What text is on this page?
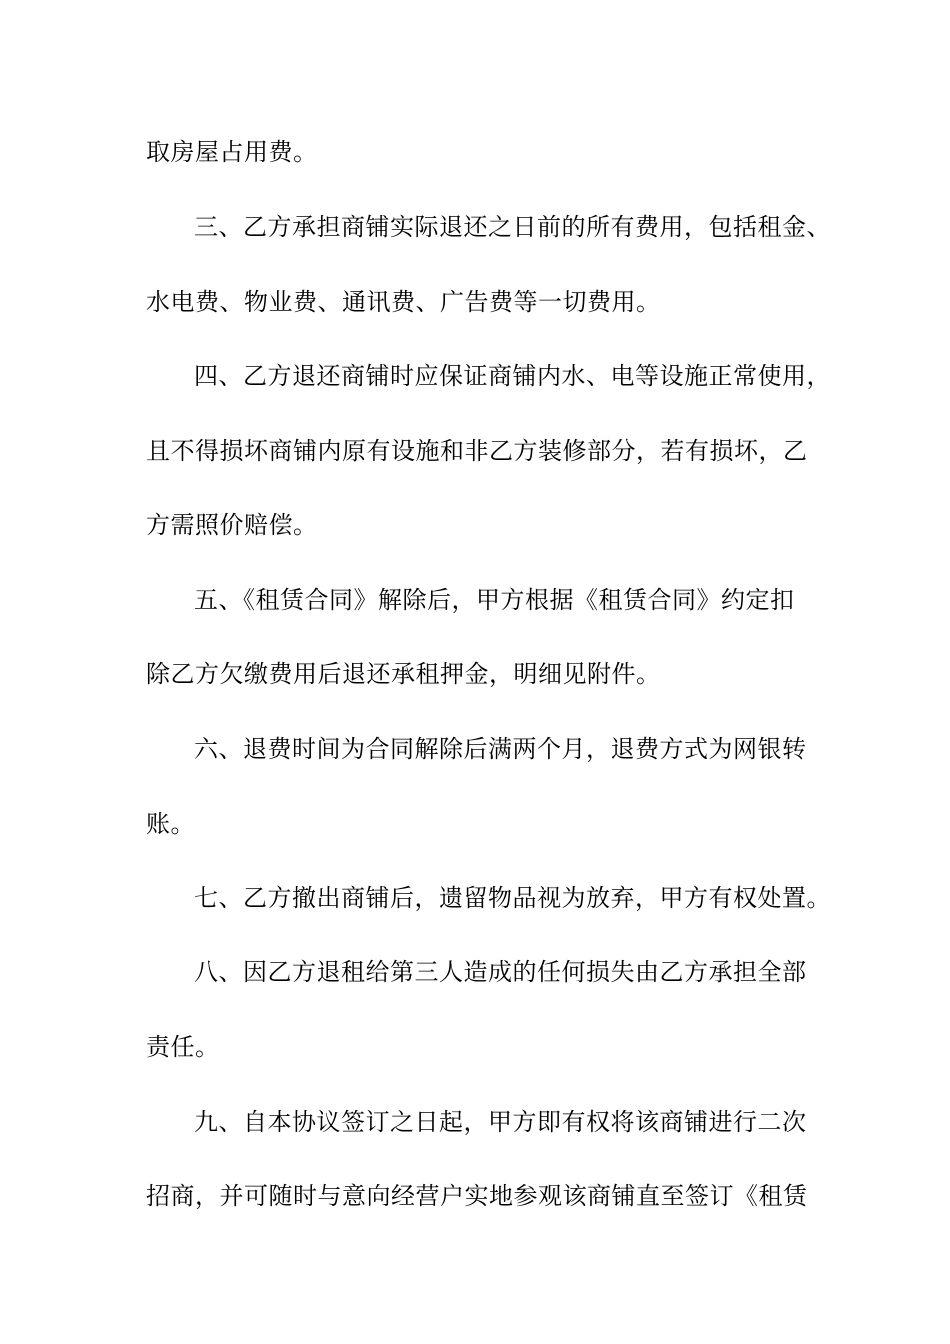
取房屋占用费。
三、乙方承担商铺实际退还之日前的所有费用，包括租金、
水电费、物业费、通讯费、广告费等一切费用。
四、乙方退还商铺时应保证商铺内水、电等设施正常使用，
且不得损坏商铺内原有设施和非乙方装修部分，若有损坏，乙
方需照价赔偿。
五、《租赁合同》解除后，甲方根据《租赁合同》约定扣
除乙方欠缴费用后退还承租押金，明细见附件。
六、退费时间为合同解除后满两个月，退费方式为网银转
账。
七、乙方撤出商铺后，遗留物品视为放弃，甲方有权处置。
八、因乙方退租给第三人造成的任何损失由乙方承担全部
责任。
九、自本协议签订之日起，甲方即有权将该商铺进行二次
招商，并可随时与意向经营户实地参观该商铺直至签订《租赁
